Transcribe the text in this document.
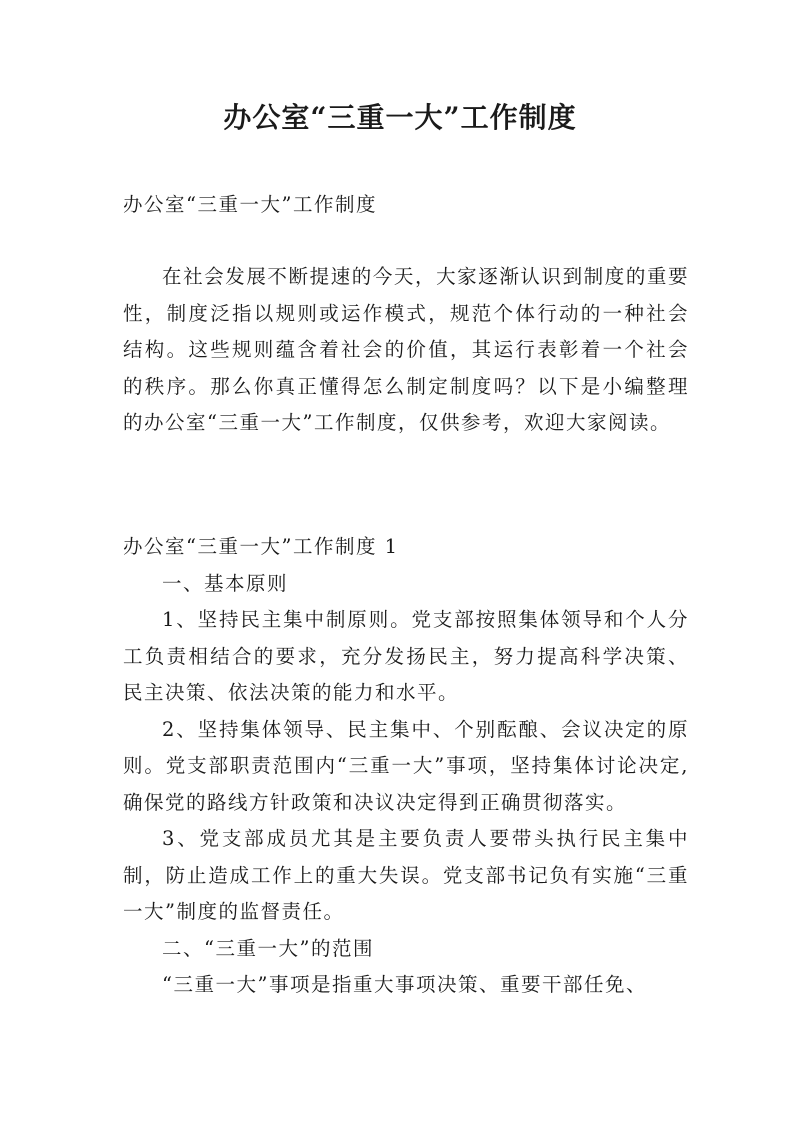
办公室“三重一大”工作制度
办公室“三重一大”工作制度
在社会发展不断提速的今天，大家逐渐认识到制度的重要性，制度泛指以规则或运作模式，规范个体行动的一种社会结构。这些规则蕴含着社会的价值，其运行表彰着一个社会的秩序。那么你真正懂得怎么制定制度吗？以下是小编整理的办公室“三重一大”工作制度，仅供参考，欢迎大家阅读。

办公室“三重一大”工作制度 1

一、基本原则

1、坚持民主集中制原则。党支部按照集体领导和个人分工负责相结合的要求，充分发扬民主，努力提高科学决策、民主决策、依法决策的能力和水平。

2、坚持集体领导、民主集中、个别酝酿、会议决定的原则。党支部职责范围内“三重一大”事项，坚持集体讨论决定,确保党的路线方针政策和决议决定得到正确贯彻落实。

3、党支部成员尤其是主要负责人要带头执行民主集中制，防止造成工作上的重大失误。党支部书记负有实施“三重一大”制度的监督责任。

二、“三重一大”的范围

“三重一大”事项是指重大事项决策、重要干部任免、
